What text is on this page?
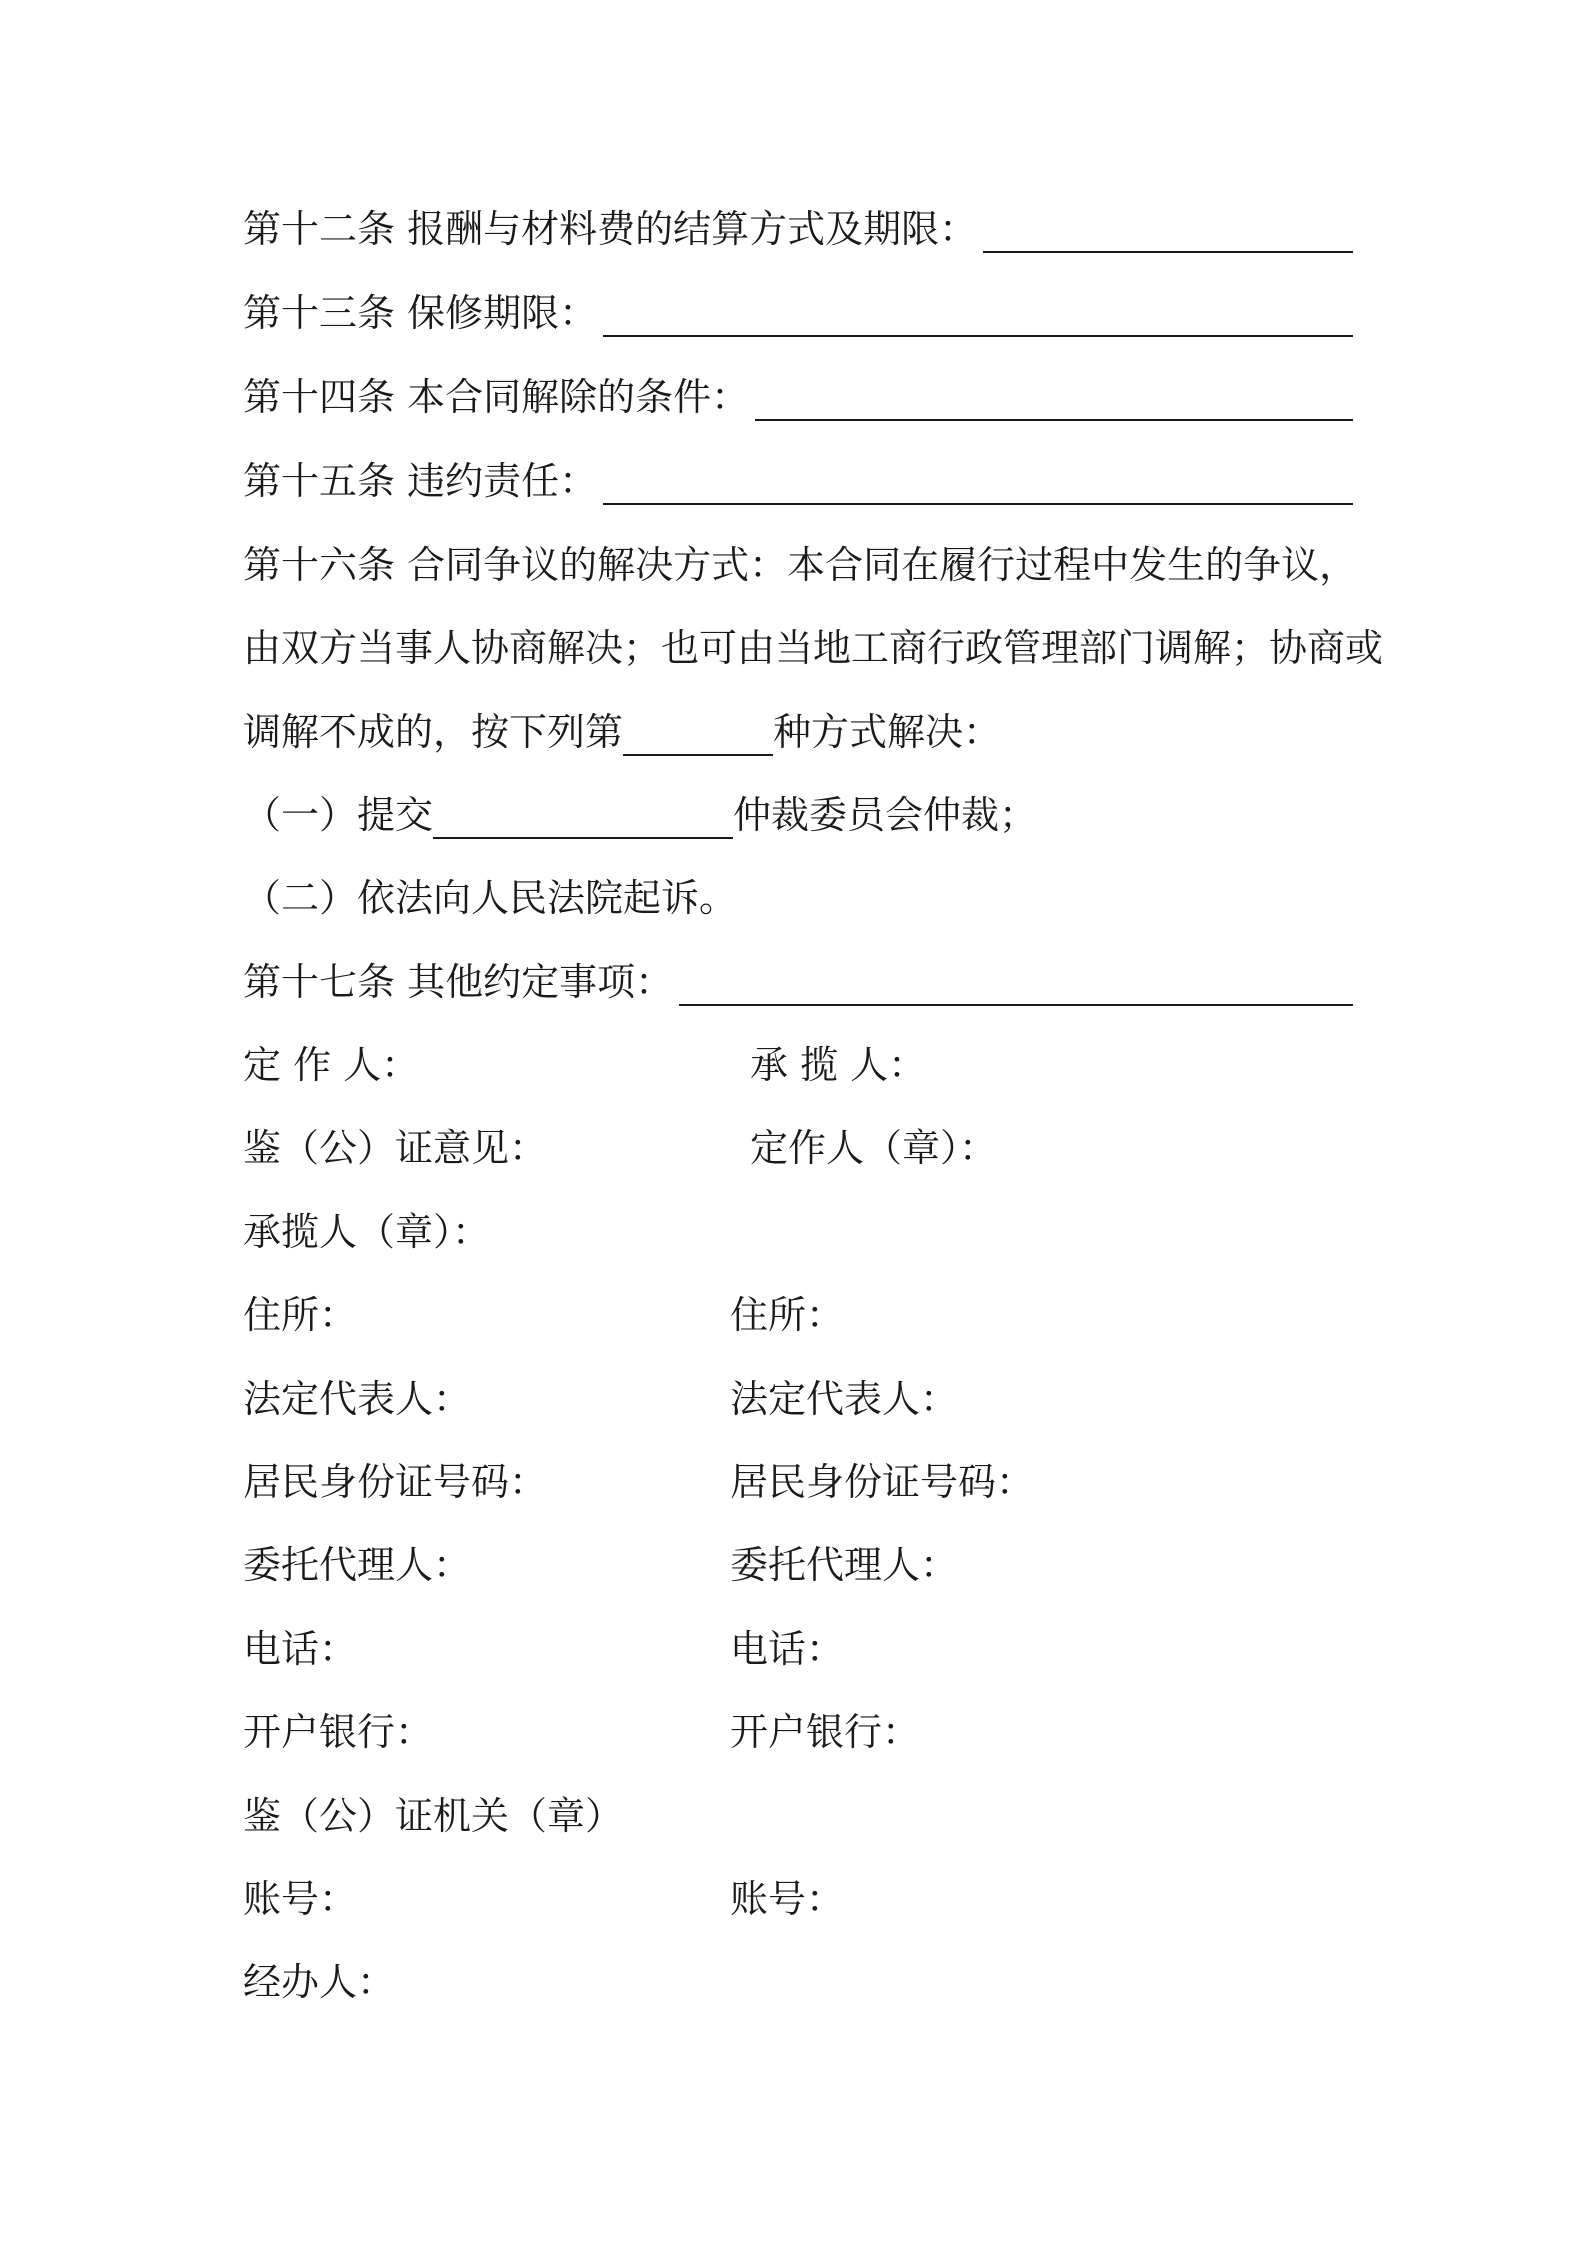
第十二条 报酬与材料费的结算方式及期限：
第十三条 保修期限：
第十四条 本合同解除的条件：
第十五条 违约责任：
第十六条 合同争议的解决方式：本合同在履行过程中发生的争议，
由双方当事人协商解决；也可由当地工商行政管理部门调解；协商或
调解不成的，按下列第	种方式解决：
（一）提交	仲裁委员会仲裁；
（二）依法向人民法院起诉。
第十七条 其他约定事项：
定 作 人：	承 揽 人：
鉴（公）证意见：	定作人（章）：
承揽人（章）：
住所：	住所：
法定代表人：	法定代表人：
居民身份证号码：	居民身份证号码：
委托代理人：	委托代理人：
电话：	电话：
开户银行：	开户银行：
鉴（公）证机关（章）
账号：	账号：
经办人：
